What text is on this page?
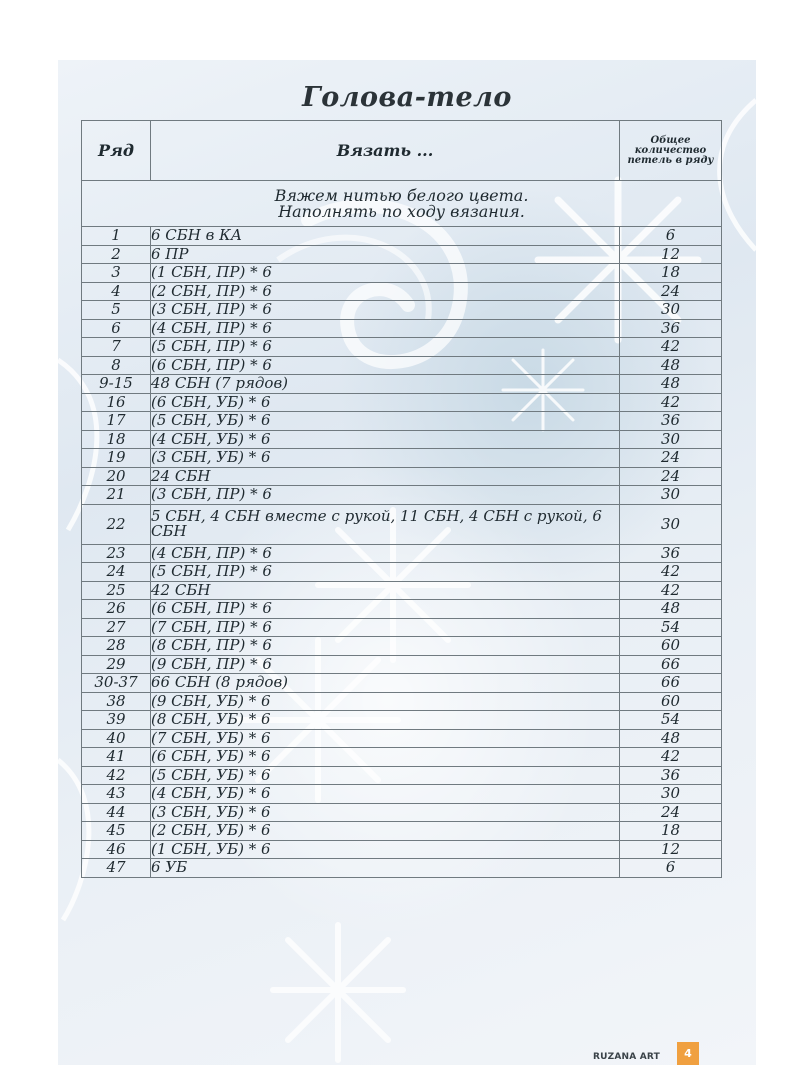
Голова-тело
Ряд	Вязать ...	Общее количество петель в ряду

Вяжем нитью белого цвета.
Наполнять по ходу вязания.		

1	6 СБН в КА	6
2	6 ПР	12
3	(1 СБН, ПР) * 6	18
4	(2 СБН, ПР) * 6	24
5	(3 СБН, ПР) * 6	30
6	(4 СБН, ПР) * 6	36
7	(5 СБН, ПР) * 6	42
8	(6 СБН, ПР) * 6	48
9-15	48 СБН (7 рядов)	48
16	(6 СБН, УБ) * 6	42
17	(5 СБН, УБ) * 6	36
18	(4 СБН, УБ) * 6	30
19	(3 СБН, УБ) * 6	24
20	24 СБН	24
21	(3 СБН, ПР) * 6	30
22	5 СБН, 4 СБН вместе с рукой, 11 СБН, 4 СБН с рукой, 6 СБН	30
23	(4 СБН, ПР) * 6	36
24	(5 СБН, ПР) * 6	42
25	42 СБН	42
26	(6 СБН, ПР) * 6	48
27	(7 СБН, ПР) * 6	54
28	(8 СБН, ПР) * 6	60
29	(9 СБН, ПР) * 6	66
30-37	66 СБН (8 рядов)	66
38	(9 СБН, УБ) * 6	60
39	(8 СБН, УБ) * 6	54
40	(7 СБН, УБ) * 6	48
41	(6 СБН, УБ) * 6	42
42	(5 СБН, УБ) * 6	36
43	(4 СБН, УБ) * 6	30
44	(3 СБН, УБ) * 6	24
45	(2 СБН, УБ) * 6	18
46	(1 СБН, УБ) * 6	12
47	6 УБ	6
RUZANA ART	4
